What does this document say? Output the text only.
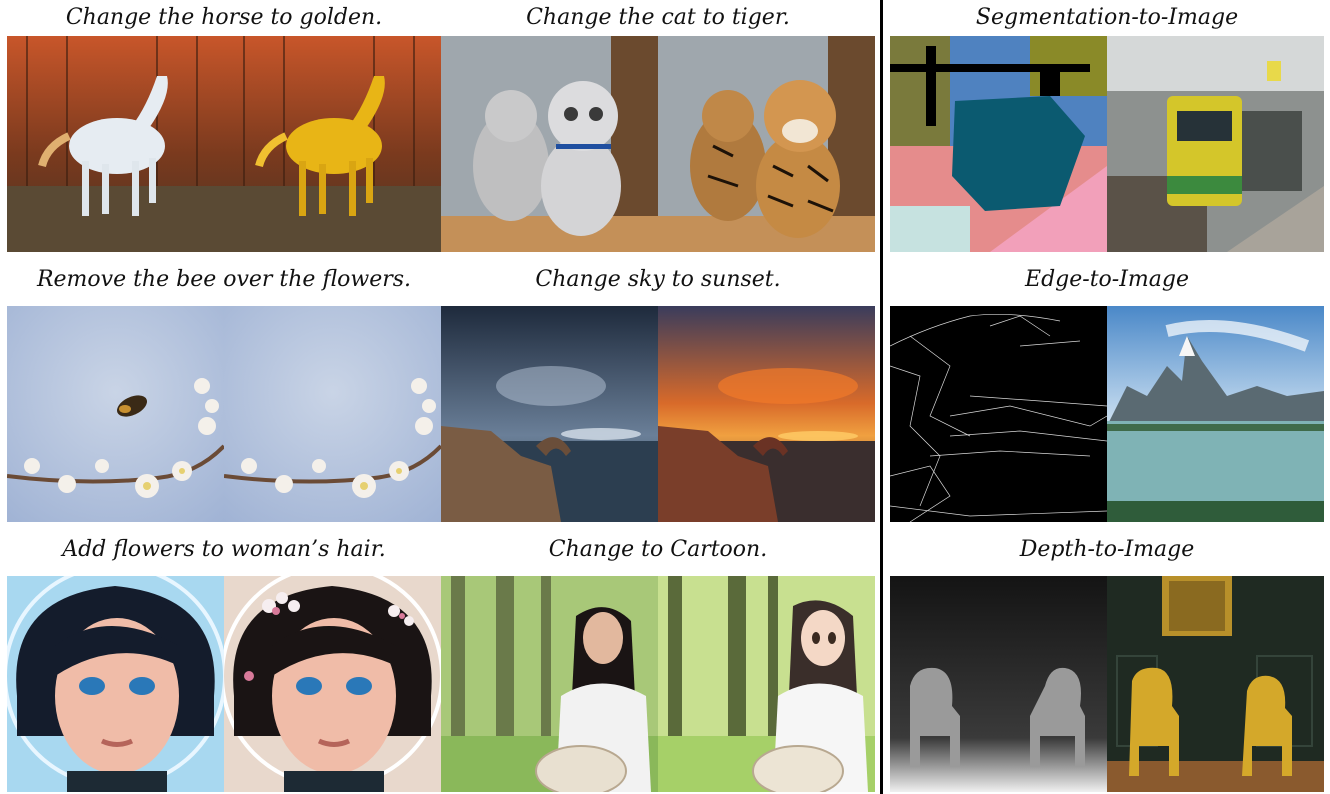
Change the horse to golden.	Change the cat to tiger.	Segmentation-to-Image
Remove the bee over the flowers.	Change sky to sunset.	Edge-to-Image
Add flowers to woman’s hair.	Change to Cartoon.	Depth-to-Image
